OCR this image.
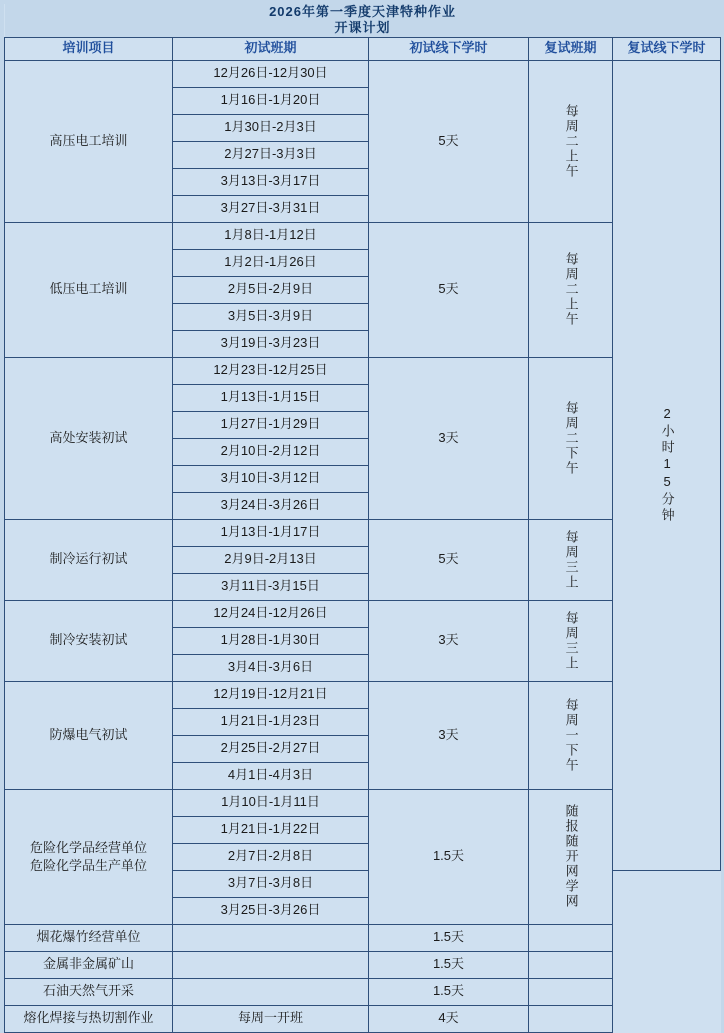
2026年第一季度天津特种作业
开课计划				

培训项目	初试班期	初试线下学时	复试班期	复试线下学时
高压电工培训	12月26日-12月30日	5天	每周二上午	2小时15分钟

	1月16日-1月20日			
	1月30日-2月3日			
	2月27日-3月3日			
	3月13日-3月17日			
	3月27日-3月31日			
低压电工培训	1月8日-1月12日	5天	每周二上午	

	1月2日-1月26日			
	2月5日-2月9日			
	3月5日-3月9日			
	3月19日-3月23日			
高处安装初试	12月23日-12月25日	3天	每周二下午	

	1月13日-1月15日			
	1月27日-1月29日			
	2月10日-2月12日			
	3月10日-3月12日			
	3月24日-3月26日			
制冷运行初试	1月13日-1月17日	5天	每周三上	

	2月9日-2月13日			
	3月11日-3月15日			
制冷安装初试	12月24日-12月26日	3天	每周三上	

	1月28日-1月30日			
	3月4日-3月6日			
防爆电气初试	12月19日-12月21日	3天	每周一下午	

	1月21日-1月23日			
	2月25日-2月27日			
	4月1日-4月3日			

危险化学品经营单位
危险化学品生产单位	1月10日-1月11日	1.5天	随报随开网学网	

	1月21日-1月22日			
	2月7日-2月8日			
	3月7日-3月8日			
	3月25日-3月26日			
烟花爆竹经营单位		1.5天		
金属非金属矿山		1.5天		
石油天然气开采		1.5天		
熔化焊接与热切割作业	每周一开班	4天		
